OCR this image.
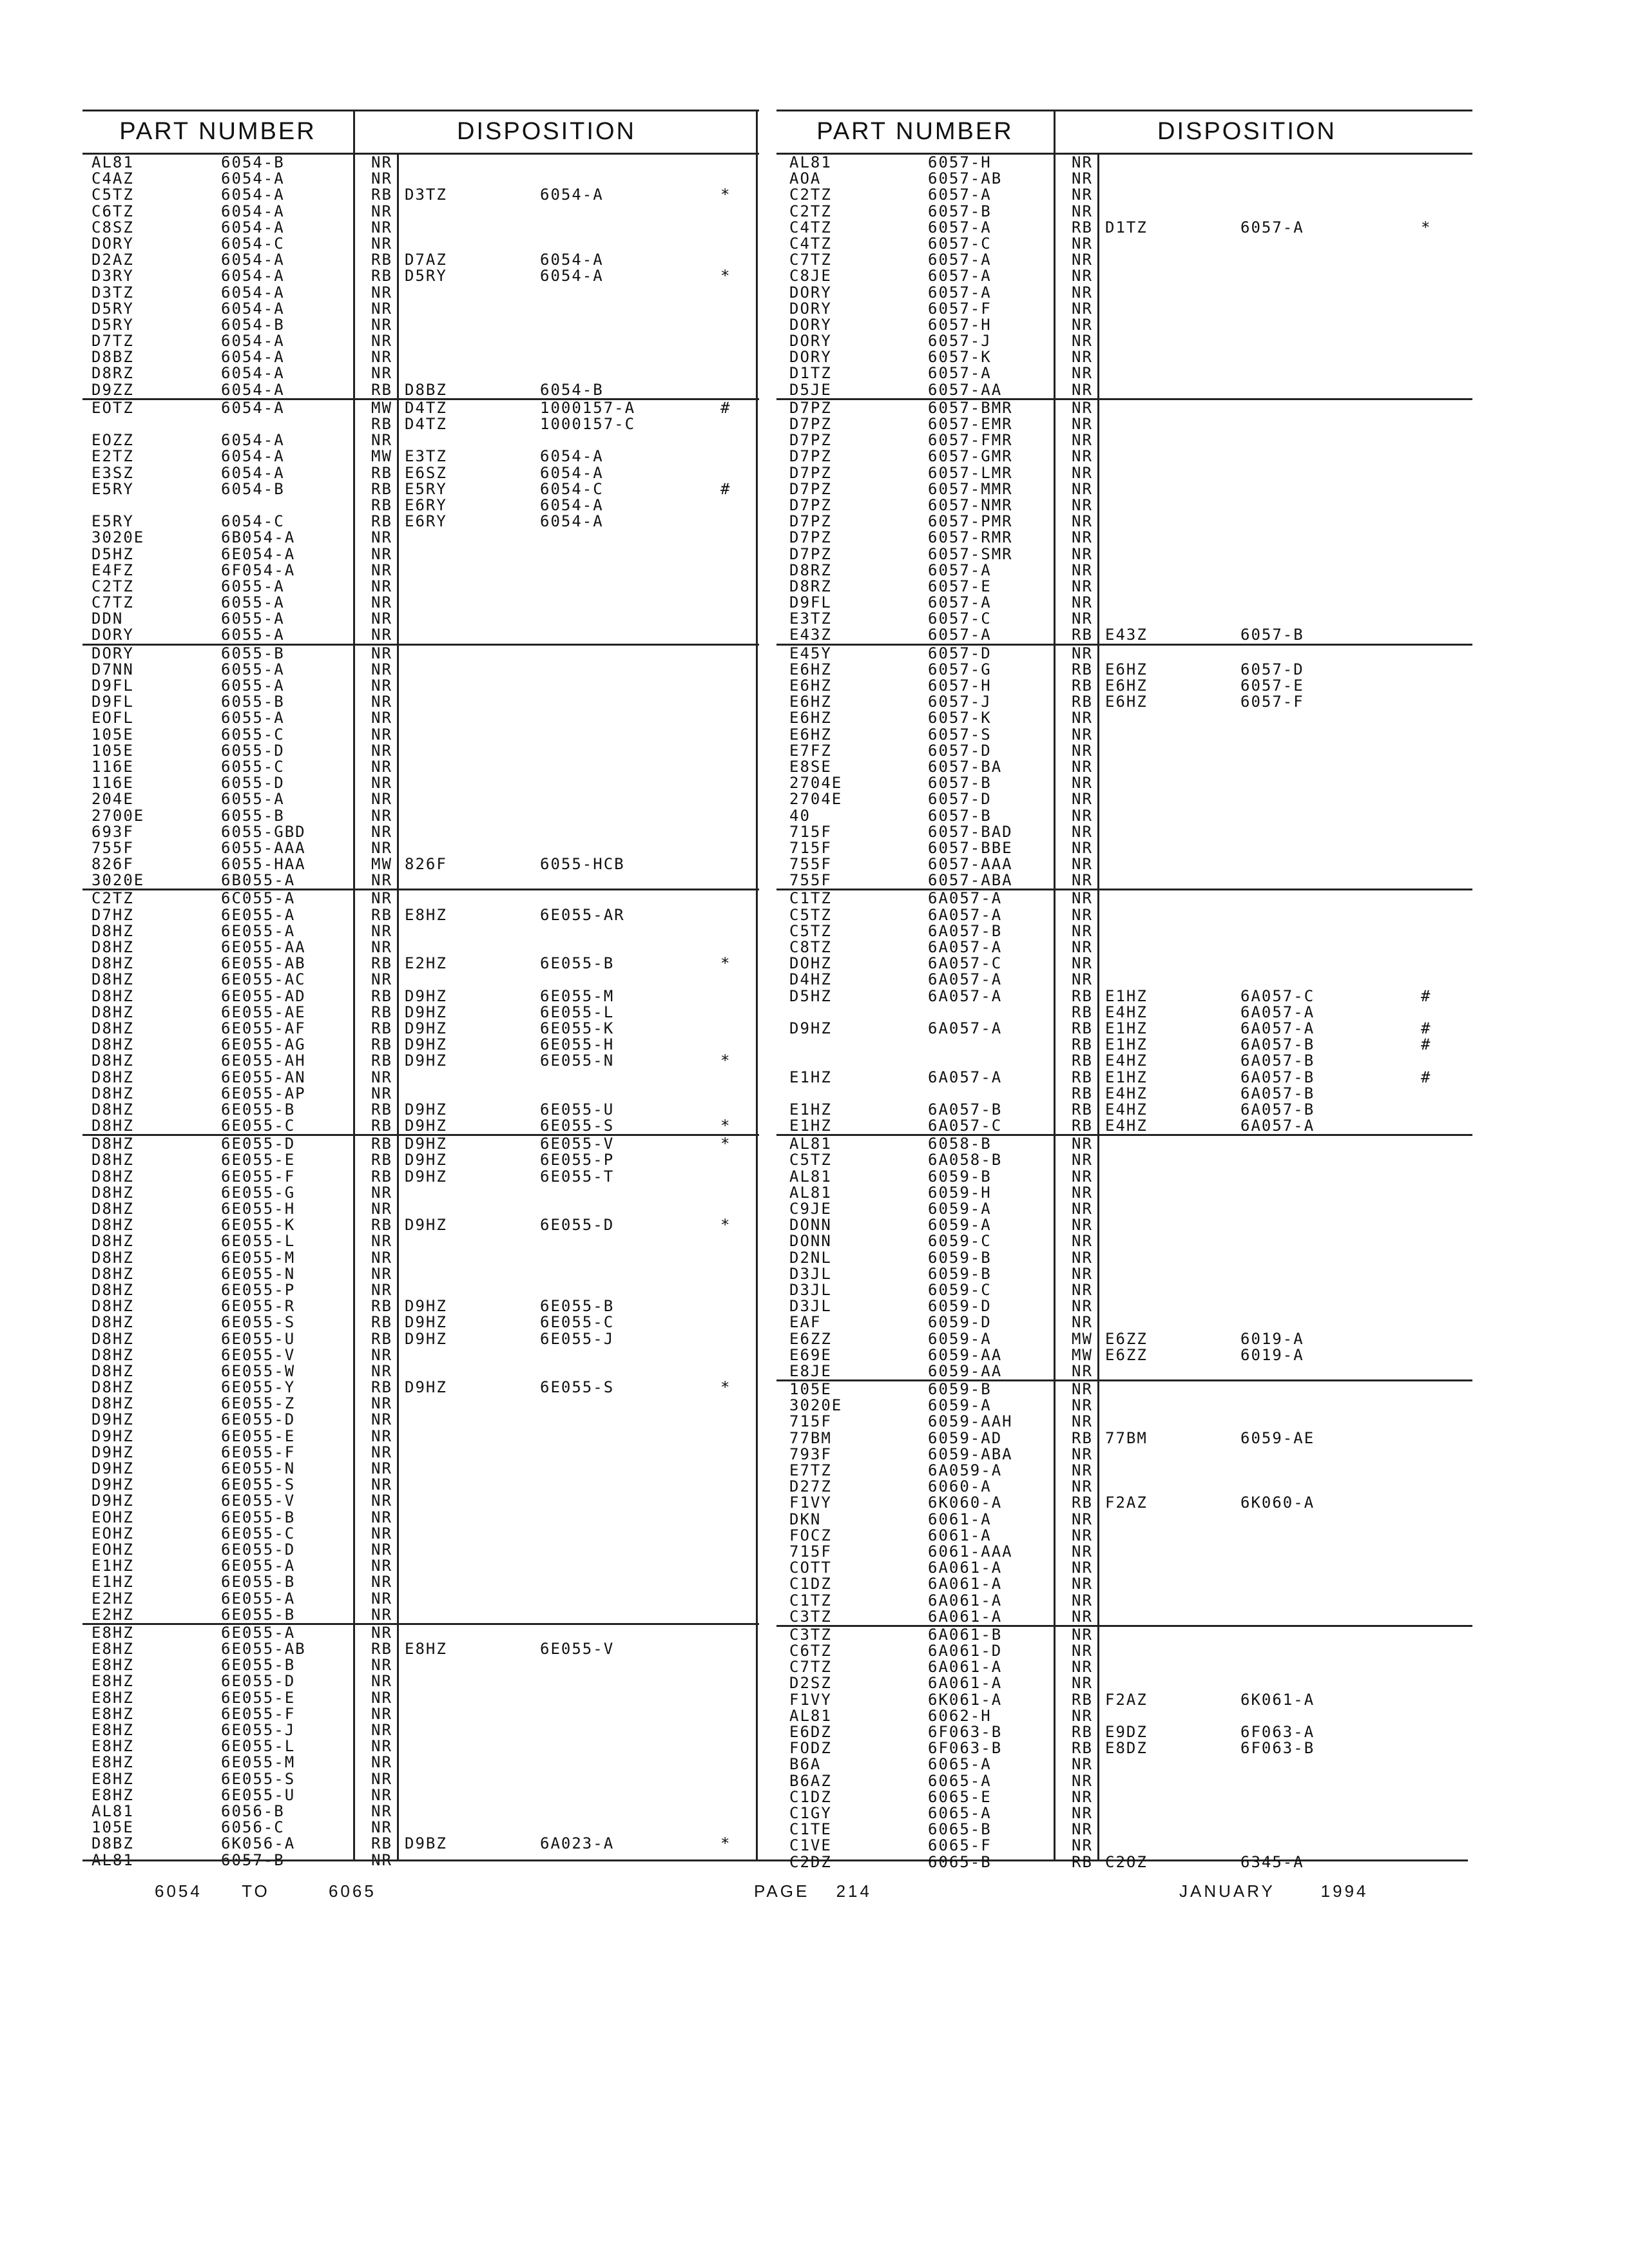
PART NUMBER	DISPOSITION
AL81	6054-B	NR
C4AZ	6054-A	NR
C5TZ	6054-A	RB D3TZ	6054-A	*
C6TZ	6054-A	NR
C8SZ	6054-A	NR
DORY	6054-C	NR
D2AZ	6054-A	RB D7AZ	6054-A
D3RY	6054-A	RB D5RY	6054-A	*
D3TZ	6054-A	NR
D5RY	6054-A	NR
D5RY	6054-B	NR
D7TZ	6054-A	NR
D8BZ	6054-A	NR
D8RZ	6054-A	NR
D9ZZ	6054-A	RB D8BZ	6054-B
EOTZ	6054-A	MW D4TZ	1000157-A	#
RB D4TZ	1000157-C
EOZZ	6054-A	NR
E2TZ	6054-A	MW E3TZ	6054-A
E3SZ	6054-A	RB E6SZ	6054-A
E5RY	6054-B	RB E5RY	6054-C	#
RB E6RY	6054-A
E5RY	6054-C	RB E6RY	6054-A
3020E	6B054-A	NR
D5HZ	6E054-A	NR
E4FZ	6F054-A	NR
C2TZ	6055-A	NR
C7TZ	6055-A	NR
DDN	6055-A	NR
DORY	6055-A	NR
DORY	6055-B	NR
D7NN	6055-A	NR
D9FL	6055-A	NR
D9FL	6055-B	NR
EOFL	6055-A	NR
105E	6055-C	NR
105E	6055-D	NR
116E	6055-C	NR
116E	6055-D	NR
204E	6055-A	NR
2700E	6055-B	NR
693F	6055-GBD	NR
755F	6055-AAA	NR
826F	6055-HAA	MW 826F	6055-HCB
3020E	6B055-A	NR
C2TZ	6C055-A	NR
D7HZ	6E055-A	RB E8HZ	6E055-AR
D8HZ	6E055-A	NR
D8HZ	6E055-AA	NR
D8HZ	6E055-AB	RB E2HZ	6E055-B	*
D8HZ	6E055-AC	NR
D8HZ	6E055-AD	RB D9HZ	6E055-M
D8HZ	6E055-AE	RB D9HZ	6E055-L
D8HZ	6E055-AF	RB D9HZ	6E055-K
D8HZ	6E055-AG	RB D9HZ	6E055-H
D8HZ	6E055-AH	RB D9HZ	6E055-N	*
D8HZ	6E055-AN	NR
D8HZ	6E055-AP	NR
D8HZ	6E055-B	RB D9HZ	6E055-U
D8HZ	6E055-C	RB D9HZ	6E055-S	*
D8HZ	6E055-D	RB D9HZ	6E055-V	*
D8HZ	6E055-E	RB D9HZ	6E055-P
D8HZ	6E055-F	RB D9HZ	6E055-T
D8HZ	6E055-G	NR
D8HZ	6E055-H	NR
D8HZ	6E055-K	RB D9HZ	6E055-D	*
D8HZ	6E055-L	NR
D8HZ	6E055-M	NR
D8HZ	6E055-N	NR
D8HZ	6E055-P	NR
D8HZ	6E055-R	RB D9HZ	6E055-B
D8HZ	6E055-S	RB D9HZ	6E055-C
D8HZ	6E055-U	RB D9HZ	6E055-J
D8HZ	6E055-V	NR
D8HZ	6E055-W	NR
D8HZ	6E055-Y	RB D9HZ	6E055-S	*
D8HZ	6E055-Z	NR
D9HZ	6E055-D	NR
D9HZ	6E055-E	NR
D9HZ	6E055-F	NR
D9HZ	6E055-N	NR
D9HZ	6E055-S	NR
D9HZ	6E055-V	NR
EOHZ	6E055-B	NR
EOHZ	6E055-C	NR
EOHZ	6E055-D	NR
E1HZ	6E055-A	NR
E1HZ	6E055-B	NR
E2HZ	6E055-A	NR
E2HZ	6E055-B	NR
E8HZ	6E055-A	NR
E8HZ	6E055-AB	RB E8HZ	6E055-V
E8HZ	6E055-B	NR
E8HZ	6E055-D	NR
E8HZ	6E055-E	NR
E8HZ	6E055-F	NR
E8HZ	6E055-J	NR
E8HZ	6E055-L	NR
E8HZ	6E055-M	NR
E8HZ	6E055-S	NR
E8HZ	6E055-U	NR
AL81	6056-B	NR
105E	6056-C	NR
D8BZ	6K056-A	RB D9BZ	6A023-A	*
AL81	6057-B	NR
PART NUMBER	DISPOSITION
AL81	6057-H	NR
AOA	6057-AB	NR
C2TZ	6057-A	NR
C2TZ	6057-B	NR
C4TZ	6057-A	RB D1TZ	6057-A	*
C4TZ	6057-C	NR
C7TZ	6057-A	NR
C8JE	6057-A	NR
DORY	6057-A	NR
DORY	6057-F	NR
DORY	6057-H	NR
DORY	6057-J	NR
DORY	6057-K	NR
D1TZ	6057-A	NR
D5JE	6057-AA	NR
D7PZ	6057-BMR	NR
D7PZ	6057-EMR	NR
D7PZ	6057-FMR	NR
D7PZ	6057-GMR	NR
D7PZ	6057-LMR	NR
D7PZ	6057-MMR	NR
D7PZ	6057-NMR	NR
D7PZ	6057-PMR	NR
D7PZ	6057-RMR	NR
D7PZ	6057-SMR	NR
D8RZ	6057-A	NR
D8RZ	6057-E	NR
D9FL	6057-A	NR
E3TZ	6057-C	NR
E43Z	6057-A	RB E43Z	6057-B
E45Y	6057-D	NR
E6HZ	6057-G	RB E6HZ	6057-D
E6HZ	6057-H	RB E6HZ	6057-E
E6HZ	6057-J	RB E6HZ	6057-F
E6HZ	6057-K	NR
E6HZ	6057-S	NR
E7FZ	6057-D	NR
E8SE	6057-BA	NR
2704E	6057-B	NR
2704E	6057-D	NR
40	6057-B	NR
715F	6057-BAD	NR
715F	6057-BBE	NR
755F	6057-AAA	NR
755F	6057-ABA	NR
C1TZ	6A057-A	NR
C5TZ	6A057-A	NR
C5TZ	6A057-B	NR
C8TZ	6A057-A	NR
DOHZ	6A057-C	NR
D4HZ	6A057-A	NR
D5HZ	6A057-A	RB E1HZ	6A057-C	#
RB E4HZ	6A057-A
D9HZ	6A057-A	RB E1HZ	6A057-A	#
RB E1HZ	6A057-B	#
RB E4HZ	6A057-B
E1HZ	6A057-A	RB E1HZ	6A057-B	#
RB E4HZ	6A057-B
E1HZ	6A057-B	RB E4HZ	6A057-B
E1HZ	6A057-C	RB E4HZ	6A057-A
AL81	6058-B	NR
C5TZ	6A058-B	NR
AL81	6059-B	NR
AL81	6059-H	NR
C9JE	6059-A	NR
DONN	6059-A	NR
DONN	6059-C	NR
D2NL	6059-B	NR
D3JL	6059-B	NR
D3JL	6059-C	NR
D3JL	6059-D	NR
EAF	6059-D	NR
E6ZZ	6059-A	MW E6ZZ	6019-A
E69E	6059-AA	MW E6ZZ	6019-A
E8JE	6059-AA	NR
105E	6059-B	NR
3020E	6059-A	NR
715F	6059-AAH	NR
77BM	6059-AD	RB 77BM	6059-AE
793F	6059-ABA	NR
E7TZ	6A059-A	NR
D27Z	6060-A	NR
F1VY	6K060-A	RB F2AZ	6K060-A
DKN	6061-A	NR
FOCZ	6061-A	NR
715F	6061-AAA	NR
COTT	6A061-A	NR
C1DZ	6A061-A	NR
C1TZ	6A061-A	NR
C3TZ	6A061-A	NR
C3TZ	6A061-B	NR
C6TZ	6A061-D	NR
C7TZ	6A061-A	NR
D2SZ	6A061-A	NR
F1VY	6K061-A	RB F2AZ	6K061-A
AL81	6062-H	NR
E6DZ	6F063-B	RB E9DZ	6F063-A
FODZ	6F063-B	RB E8DZ	6F063-B
B6A	6065-A	NR
B6AZ	6065-A	NR
C1DZ	6065-E	NR
C1GY	6065-A	NR
C1TE	6065-B	NR
C1VE	6065-F	NR
C2DZ	6065-B	RB C2OZ	6345-A
6054 TO	6065	PAGE 214	JANUARY	1994
